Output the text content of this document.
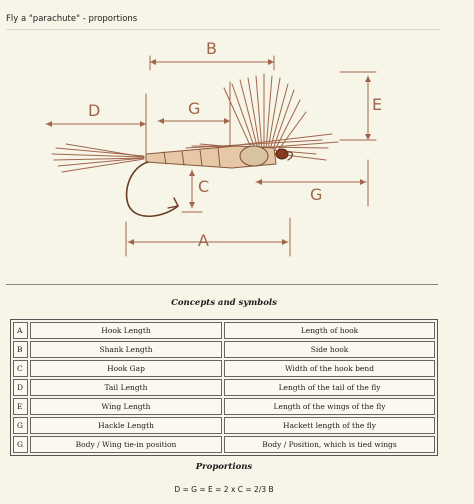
Fly a "parachute" - proportions
B
D	G	E
C	G
A
Concepts and symbols
A	Hook Length	Length of hook
B	Shank Length	Side hook
C	Hook Gap	Width of the hook bend
D	Tail Length	Length of the tail of the fly
E	Wing Length	Length of the wings of the fly
G	Hackle Length	Hackett length of the fly
G	Body / Wing tie-in position	Body / Position, which is tied wings
Proportions
D = G = E = 2 x C = 2/3 B
